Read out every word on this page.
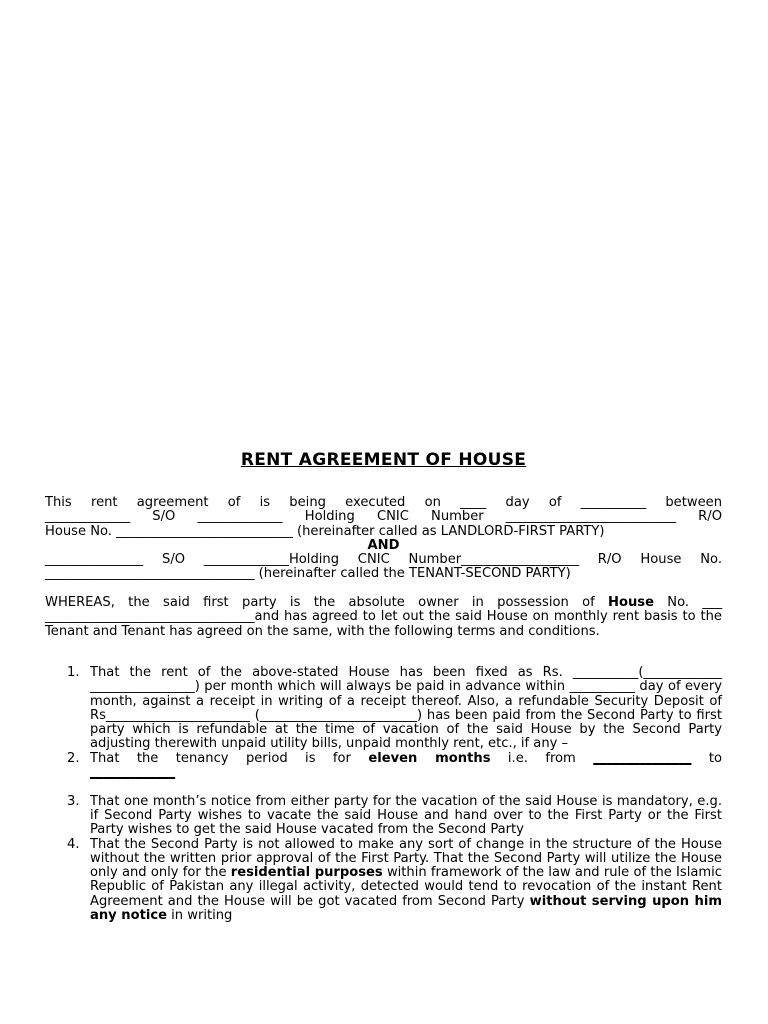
RENT AGREEMENT OF HOUSE
This rent agreement of is being executed on ____ day of __________ between
_____________ S/O _____________ Holding CNIC Number __________________________ R/O
House No. ___________________________ (hereinafter called as LANDLORD-FIRST PARTY)
AND
_______________ S/O _____________Holding CNIC Number__________________ R/O House No.
________________________________ (hereinafter called the TENANT-SECOND PARTY)
WHEREAS, the said first party is the absolute owner in possession of House No. ___ ________________________________and has agreed to let out the said House on monthly rent basis to the Tenant and Tenant has agreed on the same, with the following terms and conditions.
1. That the rent of the above-stated House has been fixed as Rs. __________(____________ ________________) per month which will always be paid in advance within __________ day of every month, against a receipt in writing of a receipt thereof. Also, a refundable Security Deposit of Rs______________________ (________________________) has been paid from the Second Party to first party which is refundable at the time of vacation of the said House by the Second Party adjusting therewith unpaid utility bills, unpaid monthly rent, etc., if any –
2. That the tenancy period is for eleven months i.e. from _______________ to
_____________
3. That one month’s notice from either party for the vacation of the said House is mandatory, e.g. if Second Party wishes to vacate the said House and hand over to the First Party or the First Party wishes to get the said House vacated from the Second Party
4. That the Second Party is not allowed to make any sort of change in the structure of the House without the written prior approval of the First Party. That the Second Party will utilize the House only and only for the residential purposes within framework of the law and rule of the Islamic Republic of Pakistan any illegal activity, detected would tend to revocation of the instant Rent Agreement and the House will be got vacated from Second Party without serving upon him any notice in writing
